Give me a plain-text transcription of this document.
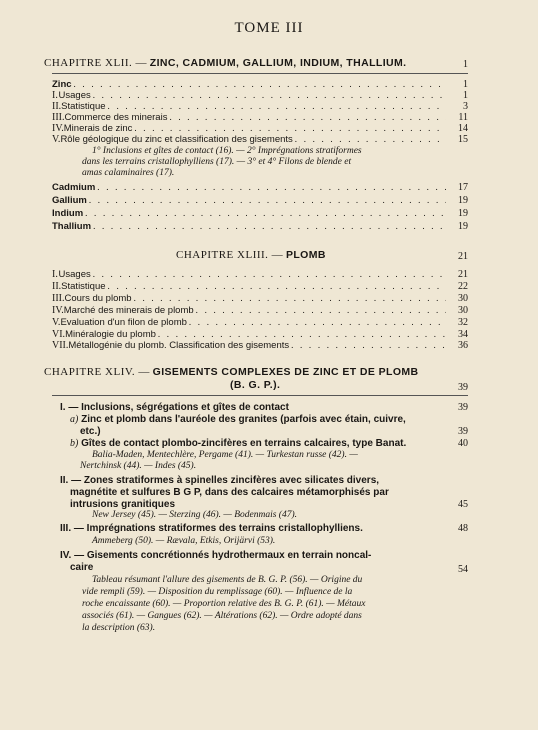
TOME III
CHAPITRE XLII. — ZINC, CADMIUM, GALLIUM, INDIUM, THALLIUM.	1
Zinc . . .	1
I. Usages . . .	1
II. Statistique . . .	3
III. Commerce des minerais . . .	11
IV. Minerais de zinc . . .	14
V. Rôle géologique du zinc et classification des gisements . . .	15
1° Inclusions et gîtes de contact (16). — 2° Imprégnations stratiformes
dans les terrains cristallophylliens (17). — 3° et 4° Filons de blende et
amas calaminaires (17).
Cadmium . . .	17
Gallium . . .	19
Indium . . .	19
Thallium . . .	19
CHAPITRE XLIII. — PLOMB	21
I. Usages . . .	21
II. Statistique . . .	22
III. Cours du plomb . . .	30
IV. Marché des minerais de plomb . . .	30
V. Evaluation d'un filon de plomb . . .	32
VI. Minéralogie du plomb . . .	34
VII. Métallogénie du plomb. Classification des gisements . . .	36
CHAPITRE XLIV. — GISEMENTS COMPLEXES DE ZINC ET DE PLOMB
(B. G. P.).	39
I. — Inclusions, ségrégations et gîtes de contact	39
a) Zinc et plomb dans l'auréole des granites (parfois avec étain, cuivre,
etc.)	39
b) Gîtes de contact plombo-zincifères en terrains calcaires, type Banat.	40
Balia-Maden, Mentechlère, Pergame (41). — Turkestan russe (42). —
Nertchinsk (44). — Indes (45).
II. — Zones stratiformes à spinelles zincifères avec silicates divers,
magnétite et sulfures B G P, dans des calcaires métamorphisés par
intrusions granitiques	45
New Jersey (45). — Sterzing (46). — Bodenmais (47).
III. — Imprégnations stratiformes des terrains cristallophylliens.	48
Ammeberg (50). — Rævala, Etkis, Orijärvi (53).
IV. — Gisements concrétionnés hydrothermaux en terrain noncal-
caire	54
Tableau résumant l'allure des gisements de B. G. P. (56). — Origine du
vide rempli (59). — Disposition du remplissage (60). — Influence de la
roche encaissante (60). — Proportion relative des B. G. P. (61). — Métaux
associés (61). — Gangues (62). — Altérations (62). — Ordre adopté dans
la description (63).
